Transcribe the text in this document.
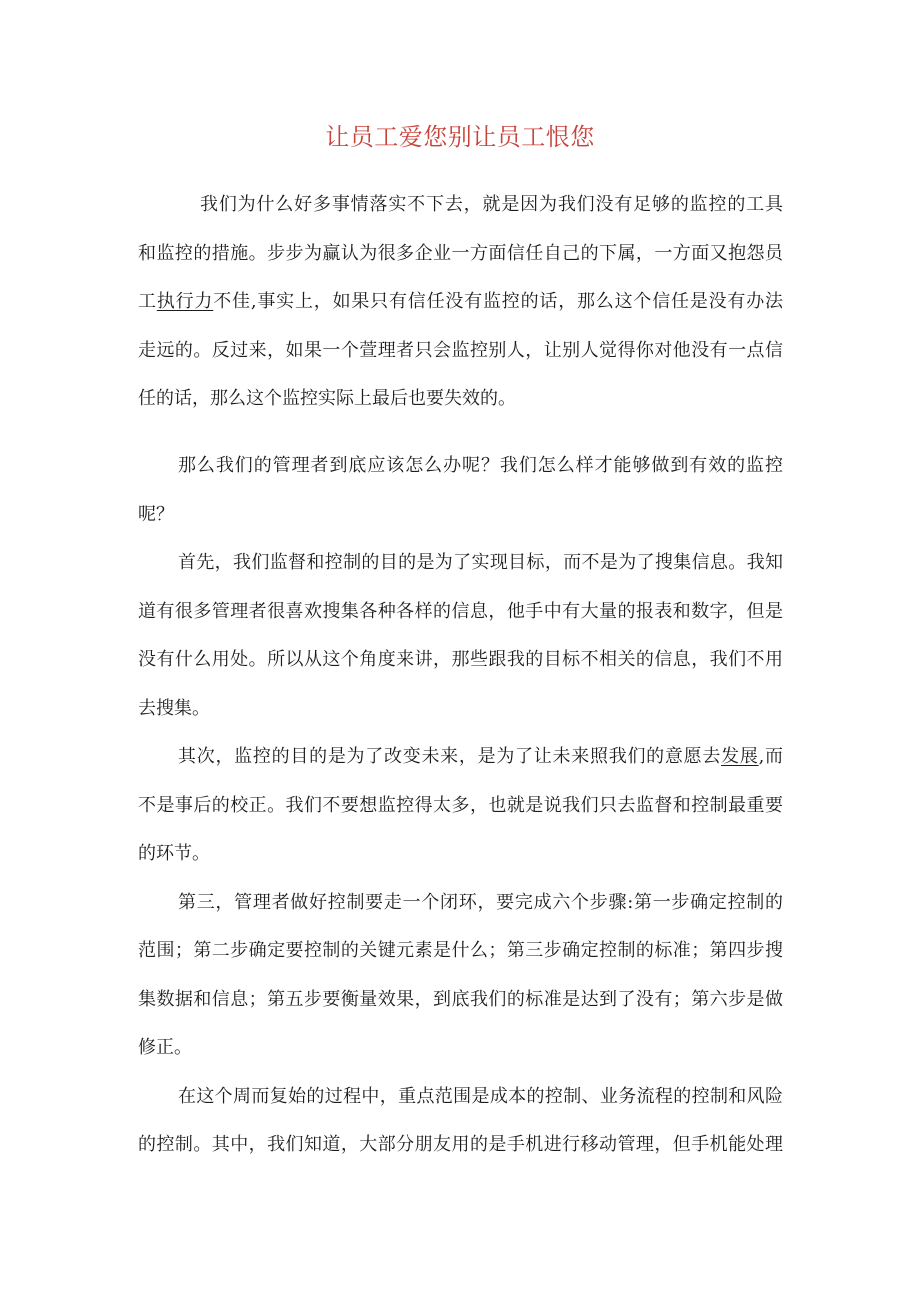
让员工爱您别让员工恨您
我们为什么好多事情落实不下去，就是因为我们没有足够的监控的工具
和监控的措施。步步为赢认为很多企业一方面信任自己的下属，一方面又抱怨员
工执行力不佳,事实上，如果只有信任没有监控的话，那么这个信任是没有办法
走远的。反过来，如果一个萱理者只会监控别人，让别人觉得你对他没有一点信
任的话，那么这个监控实际上最后也要失效的。
那么我们的管理者到底应该怎么办呢？我们怎么样才能够做到有效的监控
呢？
首先，我们监督和控制的目的是为了实现目标，而不是为了搜集信息。我知
道有很多管理者很喜欢搜集各种各样的信息，他手中有大量的报表和数字，但是
没有什么用处。所以从这个角度来讲，那些跟我的目标不相关的信息，我们不用
去搜集。
其次，监控的目的是为了改变未来，是为了让未来照我们的意愿去发展,而
不是事后的校正。我们不要想监控得太多，也就是说我们只去监督和控制最重要
的环节。
第三，管理者做好控制要走一个闭环，要完成六个步骤:第一步确定控制的
范围；第二步确定要控制的关键元素是什么；第三步确定控制的标准；第四步搜
集数据和信息；第五步要衡量效果，到底我们的标准是达到了没有；第六步是做
修正。
在这个周而复始的过程中，重点范围是成本的控制、业务流程的控制和风险
的控制。其中，我们知道，大部分朋友用的是手机进行移动管理，但手机能处理
